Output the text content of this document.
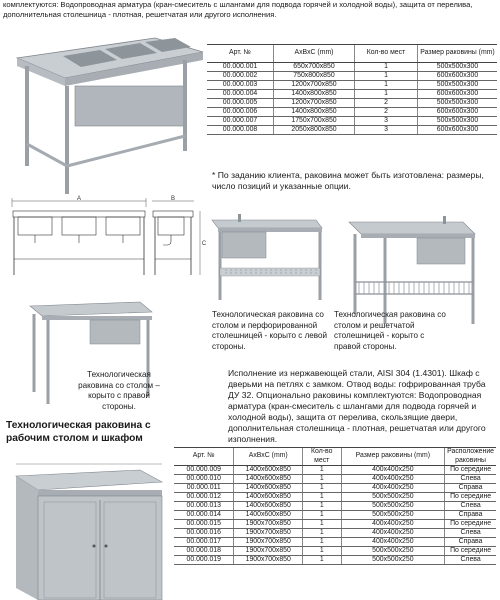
комплектуются: Водопроводная арматура (кран-смеситель с шлангами для подвода горячей и холодной воды), защита от перелива, дополнительная столешница - плотная, решетчатая или другого исполнения.
Арт. №	АхВхС (mm)	Кол-во мест	Размер раковины (mm)
00.000.001	650x700x850	1	500x500x300
00.000.002	750x800x850	1	600x600x300
00.000.003	1200x700x850	1	500x500x300
00.000.004	1400x800x850	1	600x600x300
00.000.005	1200x700x850	2	500x500x300
00.000.006	1400x800x850	2	600x600x300
00.000.007	1750x700x850	3	500x500x300
00.000.008	2050x800x850	3	600x600x300
* По заданию клиента, раковина может быть изготовлена: размеры, число позиций и указанные опции.
A	B
C
Технологическая раковина со столом и перфорированной столешницей - корыто с левой стороны.
Технологическая раковина со столом и решетчатой столешницей - корыто с правой стороны.
Технологическая раковина со столом – корыто с правой стороны.
Исполнение из нержавеющей стали, AISI 304 (1.4301). Шкаф с дверьми на петлях с замком. Отвод воды: гофрированная труба ДУ 32. Опционально раковины комплектуются: Водопроводная арматура (кран-смеситель с шлангами для подвода горячей и холодной воды), защита от перелива, скользящие двери, дополнительная столешница - плотная, решетчатая или другого изполнения.
Технологическая раковина с рабочим столом и шкафом
Арт. №	АхВхС (mm)	Кол-во мест	Размер раковины (mm)	Расположение раковины
00.000.009	1400x600x850	1	400x400x250	По середине
00.000.010	1400x600x850	1	400x400x250	Слева
00.000.011	1400x600x850	1	400x400x250	Справа
00.000.012	1400x600x850	1	500x500x250	По середине
00.000.013	1400x600x850	1	500x500x250	Слева
00.000.014	1400x600x850	1	500x500x250	Справа
00.000.015	1900x700x850	1	400x400x250	По середине
00.000.016	1900x700x850	1	400x400x250	Слева
00.000.017	1900x700x850	1	400x400x250	Справа
00.000.018	1900x700x850	1	500x500x250	По середине
00.000.019	1900x700x850	1	500x500x250	Слева
